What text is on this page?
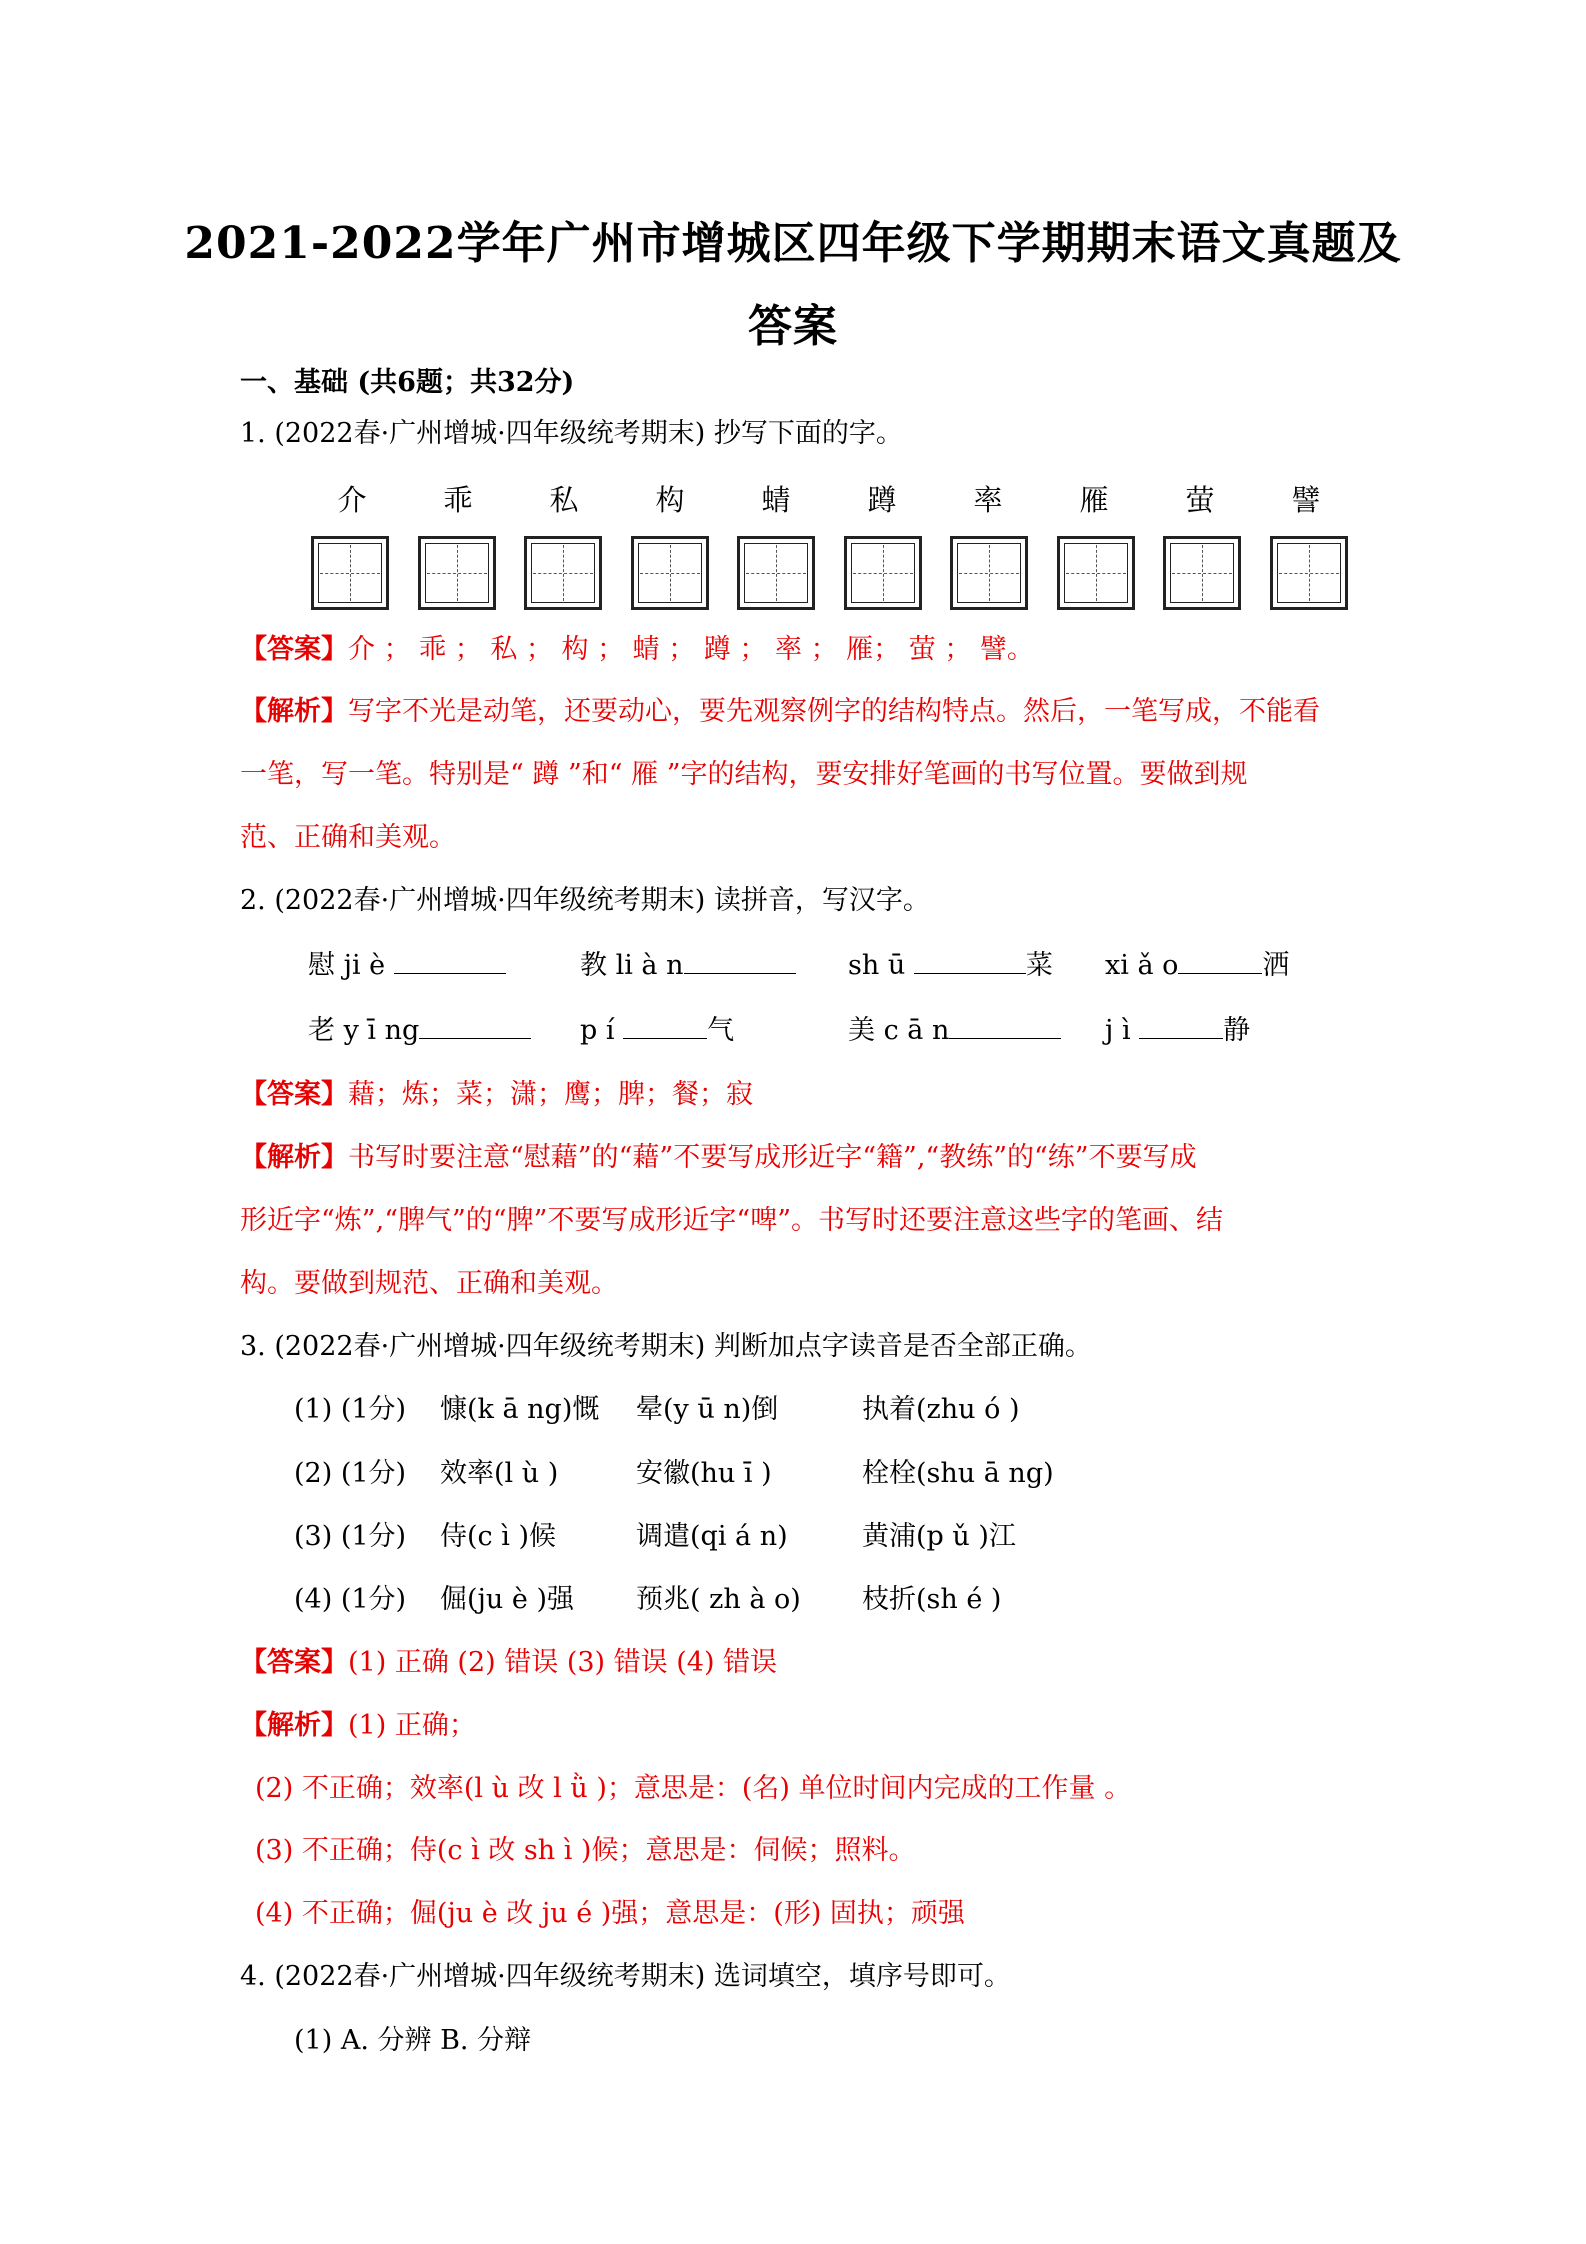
2021-2022学年广州市增城区四年级下学期期末语文真题及
答案
一、基础 (共6题；共32分)
1. (2022春·广州增城·四年级统考期末) 抄写下面的字。
介	乖	私	构	蜻	蹲	率	雁	萤	譬
【答案】介 ； 乖 ； 私 ； 构 ； 蜻 ； 蹲 ； 率 ； 雁； 萤 ； 譬。
【解析】写字不光是动笔，还要动心，要先观察例字的结构特点。然后，一笔写成，不能看
一笔，写一笔。特别是“ 蹲 ”和“ 雁 ”字的结构，要安排好笔画的书写位置。要做到规
范、正确和美观。
2. (2022春·广州增城·四年级统考期末) 读拼音，写汉字。
慰 ji è	教 li à n	sh ū	菜 xi ǎ o	洒
老 y ī ng	p í	气	美 c ā n	j ì	静
【答案】藉；炼；菜；潇；鹰；脾；餐；寂
【解析】书写时要注意“慰藉”的“藉”不要写成形近字“籍”,“教练”的“练”不要写成
形近字“炼”,“脾气”的“脾”不要写成形近字“啤”。书写时还要注意这些字的笔画、结
构。要做到规范、正确和美观。
3. (2022春·广州增城·四年级统考期末) 判断加点字读音是否全部正确。
(1) (1分) 慷(k ā ng)慨 晕(y ū n)倒	执着(zhu ó )
(2) (1分) 效率(l ù )	安徽(hu ī )	栓栓(shu ā ng)
(3) (1分) 侍(c ì )候	调遣(qi á n)	黄浦(p ǔ )江
(4) (1分) 倔(ju è )强 预兆( zh à o) 枝折(sh é )
【答案】(1) 正确 (2) 错误 (3) 错误 (4) 错误
【解析】(1) 正确；
(2) 不正确；效率(l ù 改 l ǜ )；意思是：(名) 单位时间内完成的工作量 。
(3) 不正确；侍(c ì 改 sh ì )候；意思是：伺候；照料。
(4) 不正确；倔(ju è 改 ju é )强；意思是：(形) 固执；顽强
4. (2022春·广州增城·四年级统考期末) 选词填空，填序号即可。
(1) A. 分辨 B. 分辩
